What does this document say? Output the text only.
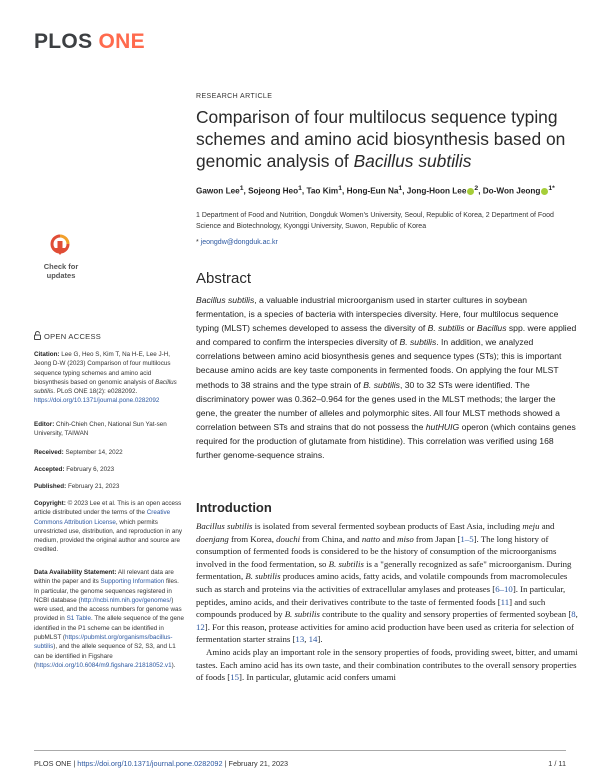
PLOS ONE
RESEARCH ARTICLE
Comparison of four multilocus sequence typing schemes and amino acid biosynthesis based on genomic analysis of Bacillus subtilis
Gawon Lee$^1$, Sojeong Heo$^1$, Tao Kim$^1$, Hong-Eun Na$^1$, Jong-Hoon Lee $^2$, Do-Won Jeong $^{1*}$
1 Department of Food and Nutrition, Dongduk Women's University, Seoul, Republic of Korea, 2 Department of Food Science and Biotechnology, Kyonggi University, Suwon, Republic of Korea
* jeongdw@dongduk.ac.kr
Check for
updates
OPEN ACCESS
Citation: Lee G, Heo S, Kim T, Na H-E, Lee J-H, Jeong D-W (2023) Comparison of four multilocus sequence typing schemes and amino acid biosynthesis based on genomic analysis of Bacillus subtilis. PLoS ONE 18(2): e0282092. https://doi.org/10.1371/journal.pone.0282092
Editor: Chih-Chieh Chen, National Sun Yat-sen University, TAIWAN
Received: September 14, 2022
Accepted: February 6, 2023
Published: February 21, 2023
Copyright: © 2023 Lee et al. This is an open access article distributed under the terms of the Creative Commons Attribution License, which permits unrestricted use, distribution, and reproduction in any medium, provided the original author and source are credited.
Data Availability Statement: All relevant data are within the paper and its Supporting Information files. In particular, the genome sequences registered in NCBI database (http://ncbi.nlm.nih.gov/genomes/) were used, and the access numbers for genome was provided in S1 Table. The allele sequence of the gene identified in the P1 scheme can be identified in pubMLST (https://pubmlst.org/organisms/bacillus-subtilis), and the allele sequence of S2, S3, and L1 can be identified in Figshare (https://doi.org/10.6084/m9.figshare.21818052.v1).
Abstract

Bacillus subtilis, a valuable industrial microorganism used in starter cultures in soybean fermentation, is a species of bacteria with interspecies diversity. Here, four multilocus sequence typing (MLST) schemes developed to assess the diversity of B. subtilis or Bacillus spp. were applied and compared to confirm the interspecies diversity of B. subtilis. In addition, we analyzed correlations between amino acid biosynthesis genes and sequence types (STs); this is important because amino acids are key taste components in fermented foods. On applying the four MLST methods to 38 strains and the type strain of B. subtilis, 30 to 32 STs were identified. The discriminatory power was 0.362–0.964 for the genes used in the MLST methods; the larger the gene, the greater the number of alleles and polymorphic sites. All four MLST methods showed a correlation between STs and strains that do not possess the hutHUIG operon (which contains genes required for the production of glutamate from histidine). This correlation was verified using 168 further genome-sequence strains.

Introduction

Bacillus subtilis is isolated from several fermented soybean products of East Asia, including meju and doenjang from Korea, douchi from China, and natto and miso from Japan [1–5]. The long history of consumption of fermented foods is considered to be the history of consumption of the microorganisms involved in the food fermentation, so B. subtilis is a "generally recognized as safe" microorganism. During fermentation, B. subtilis produces amino acids, fatty acids, and volatile compounds from macromolecules such as starch and proteins via the activities of extracellular amylases and proteases [6–10]. In particular, peptides, amino acids, and their derivatives contribute to the taste of fermented foods [11] and such compounds produced by B. subtilis contribute to the quality and sensory properties of fermented soybean [8, 12]. For this reason, protease activities for amino acid production have been used as criteria for selection of fermentation starter strains [13, 14].

Amino acids play an important role in the sensory properties of foods, providing sweet, bitter, and umami tastes. Each amino acid has its own taste, and their combination contributes to the overall sensory properties of foods [15]. In particular, glutamic acid confers umami

PLOS ONE | https://doi.org/10.1371/journal.pone.0282092 | February 21, 2023	1 / 11
